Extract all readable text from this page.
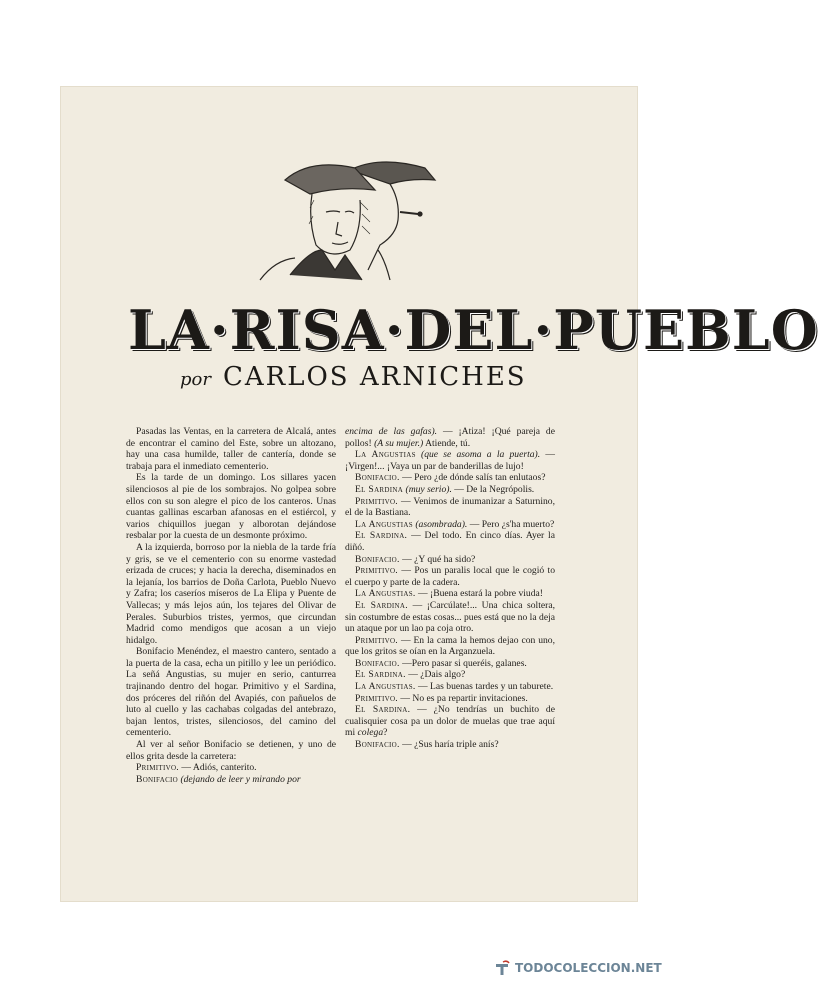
LA·RISA·DEL·PUEBLO
por CARLOS ARNICHES

Pasadas las Ventas, en la carretera de Alcalá, antes de encontrar el camino del Este, sobre un altozano, hay una casa humilde, taller de cantería, donde se trabaja para el inmediato cementerio.

Es la tarde de un domingo. Los sillares yacen silenciosos al pie de los sombrajos. No golpea sobre ellos con su son alegre el pico de los canteros. Unas cuantas gallinas escarban afanosas en el estiércol, y varios chiquillos juegan y alborotan dejándose resbalar por la cuesta de un desmonte próximo.

A la izquierda, borroso por la niebla de la tarde fría y gris, se ve el cementerio con su enorme vastedad erizada de cruces; y hacia la derecha, diseminados en la lejanía, los barrios de Doña Carlota, Pueblo Nuevo y Zafra; los caseríos míseros de La Elipa y Puente de Vallecas; y más lejos aún, los tejares del Olivar de Perales. Suburbios tristes, yermos, que circundan Madrid como mendigos que acosan a un viejo hidalgo.

Bonifacio Menéndez, el maestro cantero, sentado a la puerta de la casa, echa un pitillo y lee un periódico. La señá Angustias, su mujer en serio, canturrea trajinando dentro del hogar. Primitivo y el Sardina, dos próceres del riñón del Avapiés, con pañuelos de luto al cuello y las cachabas colgadas del antebrazo, bajan lentos, tristes, silenciosos, del camino del cementerio.

Al ver al señor Bonifacio se detienen, y uno de ellos grita desde la carretera:

Primitivo. — Adiós, canterito.

Bonifacio (dejando de leer y mirando por

encima de las gafas). — ¡Atiza! ¡Qué pareja de pollos! (A su mujer.) Atiende, tú.

La Angustias (que se asoma a la puerta). — ¡Virgen!... ¡Vaya un par de banderillas de lujo!

Bonifacio. — Pero ¿de dónde salís tan enlutaos?

El Sardina (muy serio). — De la Negrópolis.

Primitivo. — Venimos de inumanizar a Saturnino, el de la Bastiana.

La Angustias (asombrada). — Pero ¿s'ha muerto?

El Sardina. — Del todo. En cinco días. Ayer la diñó.

Bonifacio. — ¿Y qué ha sido?

Primitivo. — Pos un paralis local que le cogió to el cuerpo y parte de la cadera.

La Angustias. — ¡Buena estará la pobre viuda!

El Sardina. — ¡Carcúlate!... Una chica soltera, sin costumbre de estas cosas... pues está que no la deja un ataque por un lao pa coja otro.

Primitivo. — En la cama la hemos dejao con uno, que los gritos se oían en la Arganzuela.

Bonifacio. —Pero pasar si queréis, galanes.

El Sardina. — ¿Dais algo?

La Angustias. — Las buenas tardes y un taburete.

Primitivo. — No es pa repartir invitaciones.

El Sardina. — ¿No tendrías un buchito de cualisquier cosa pa un dolor de muelas que trae aquí mi colega?

Bonifacio. — ¿Sus haría triple anís?

TODOCOLECCION.NET
